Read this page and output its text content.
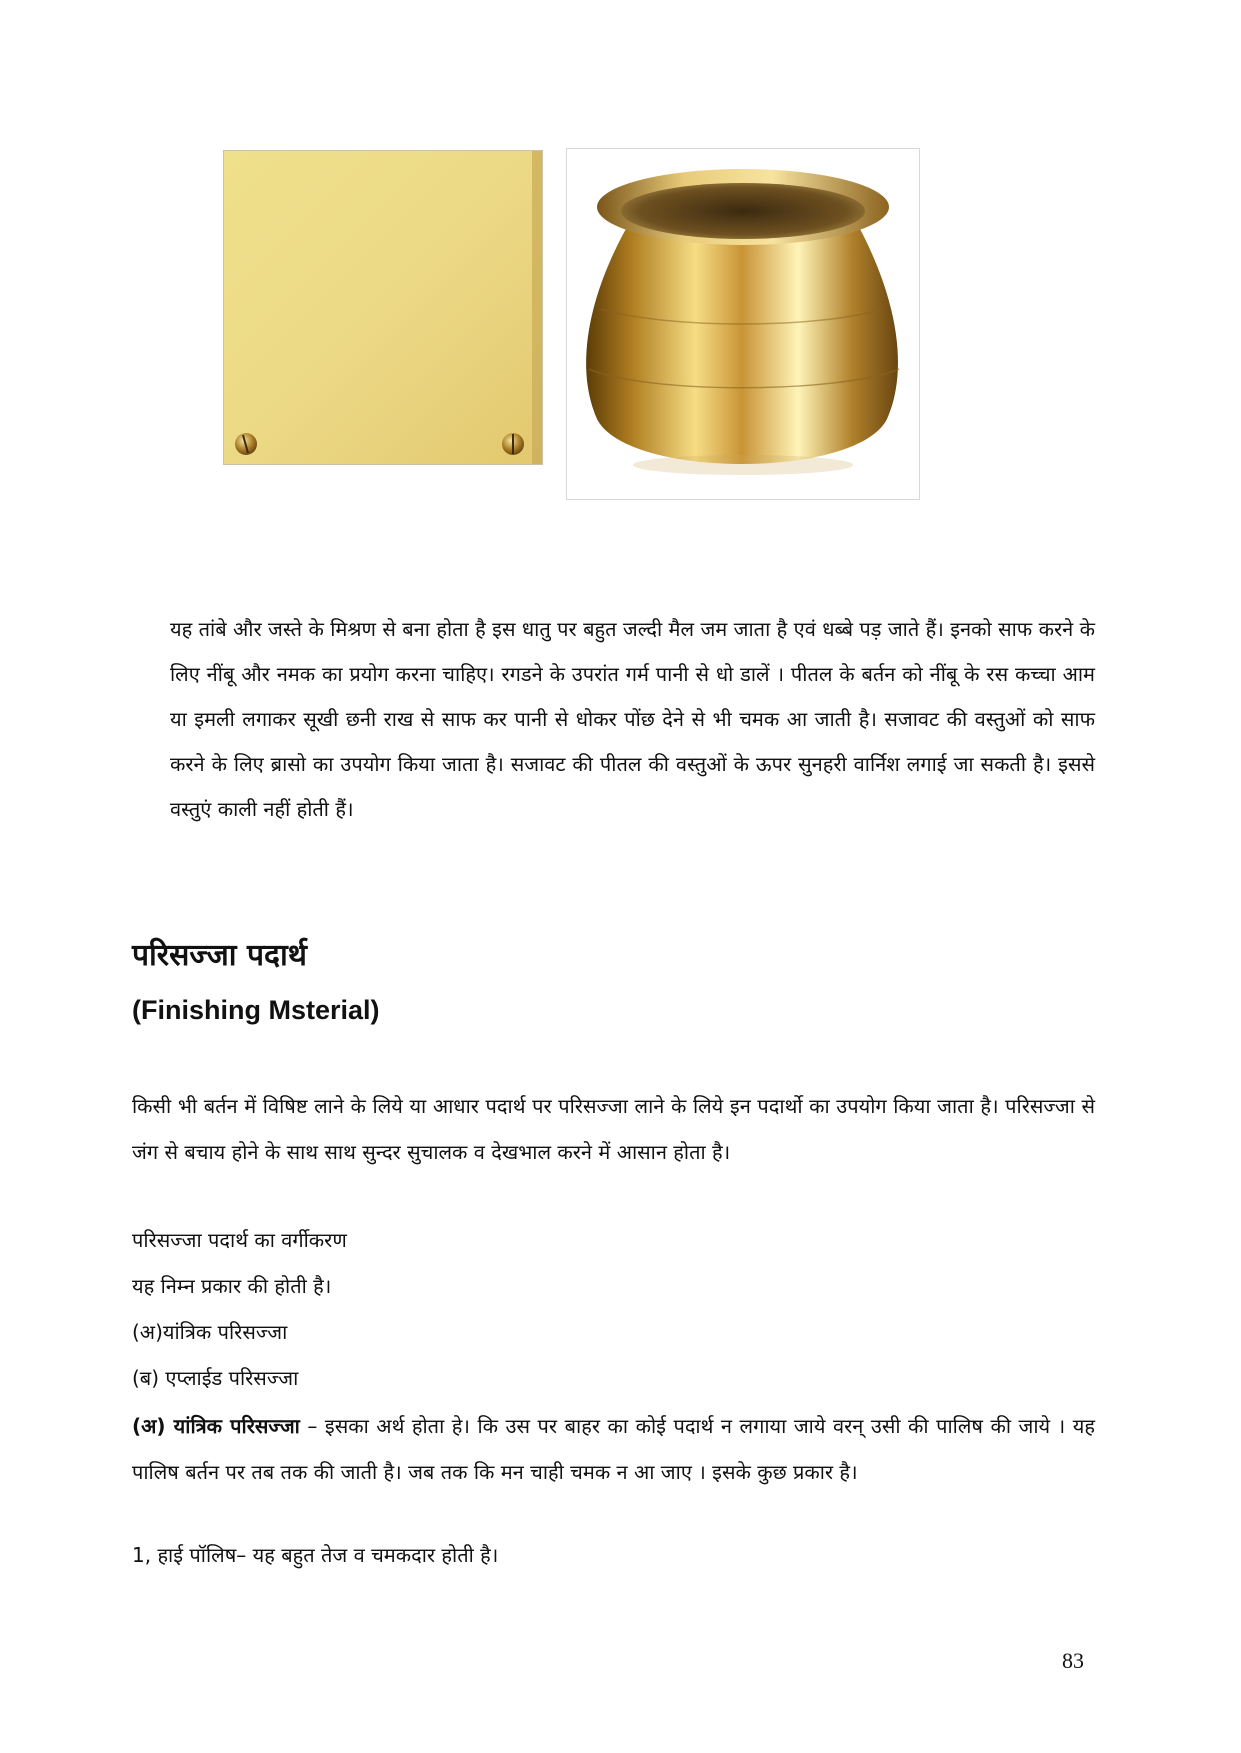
यह तांबे और जस्ते के मिश्रण से बना होता है इस धातु पर बहुत जल्दी मैल जम जाता है एवं धब्बे पड़ जाते हैं। इनको साफ करने के लिए नींबू और नमक का प्रयोग करना चाहिए। रगडने के उपरांत गर्म पानी से धो डालें । पीतल के बर्तन को नींबू के रस कच्चा आम या इमली लगाकर सूखी छनी राख से साफ कर पानी से धोकर पोंछ देने से भी चमक आ जाती है। सजावट की वस्तुओं को साफ करने के लिए ब्रासो का उपयोग किया जाता है। सजावट की पीतल की वस्तुओं के ऊपर सुनहरी वार्निश लगाई जा सकती है। इससे वस्तुएं काली नहीं होती हैं।

परिसज्जा पदार्थ
(Finishing Msterial)

किसी भी बर्तन में विषिष्ट लाने के लिये या आधार पदार्थ पर परिसज्जा लाने के लिये इन पदार्थो का उपयोग किया जाता है। परिसज्जा से जंग से बचाय होने के साथ साथ सुन्दर सुचालक व देखभाल करने में आसान होता है।

परिसज्जा पदार्थ का वर्गीकरण

यह निम्न प्रकार की होती है।

(अ)यांत्रिक परिसज्जा

(ब) एप्लाईड परिसज्जा

(अ) यांत्रिक परिसज्जा – इसका अर्थ होता हे। कि उस पर बाहर का कोई पदार्थ न लगाया जाये वरन् उसी की पालिष की जाये । यह पालिष बर्तन पर तब तक की जाती है। जब तक कि मन चाही चमक न आ जाए । इसके कुछ प्रकार है।

1, हाई पॉलिष– यह बहुत तेज व चमकदार होती है।

83
